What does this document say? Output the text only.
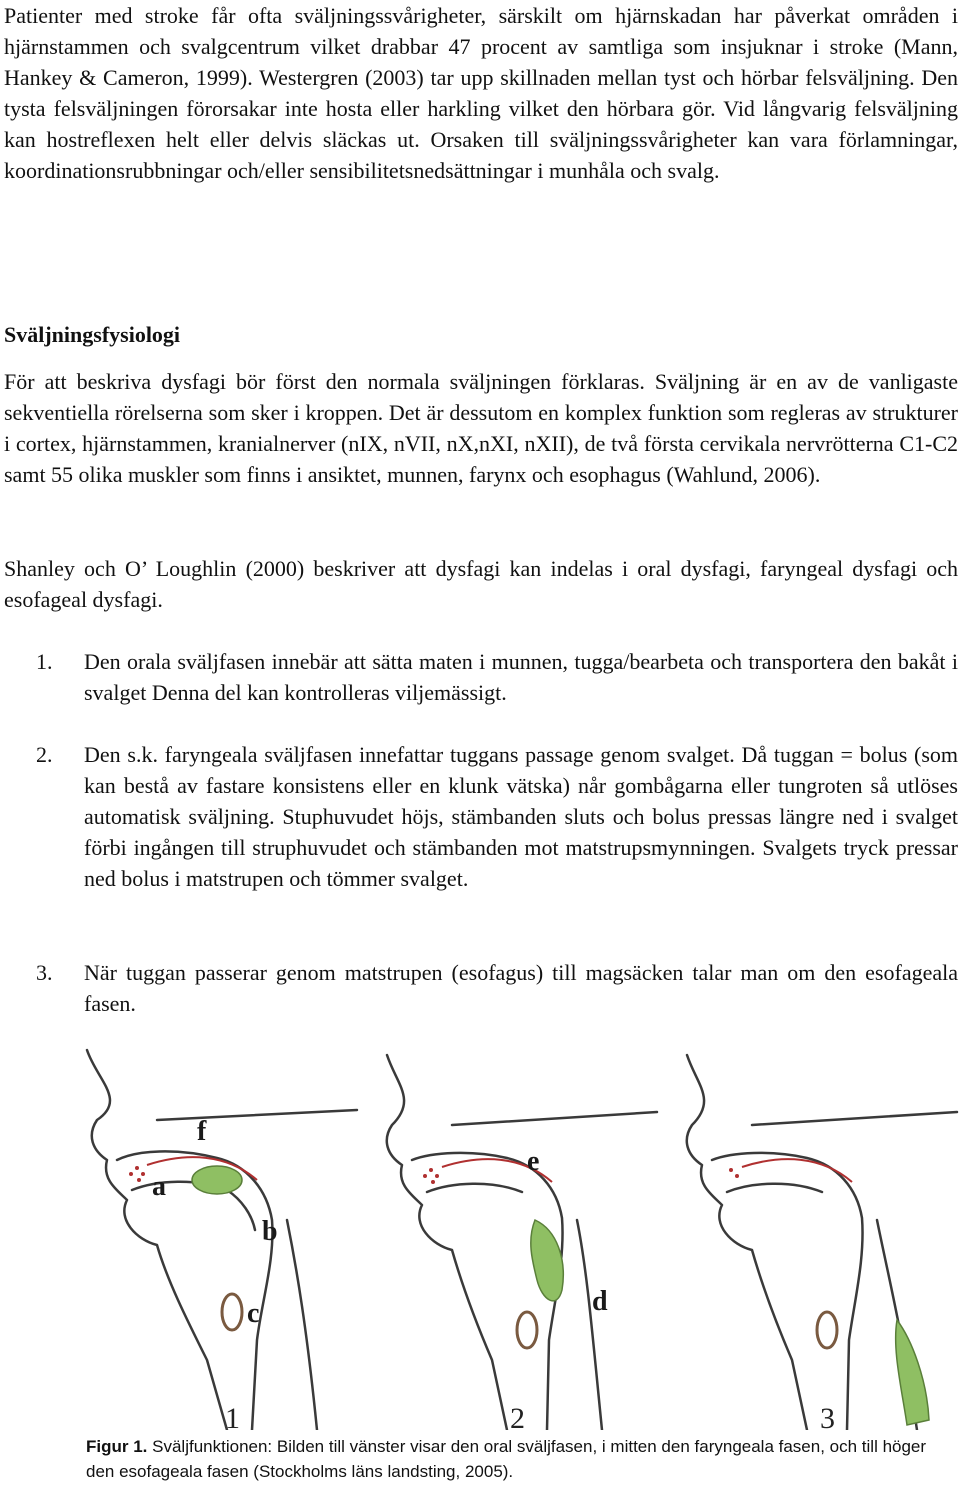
Patienter med stroke får ofta sväljningssvårigheter, särskilt om hjärnskadan har påverkat områden i hjärnstammen och svalgcentrum vilket drabbar 47 procent av samtliga som insjuknar i stroke (Mann, Hankey & Cameron, 1999). Westergren (2003) tar upp skillnaden mellan tyst och hörbar felsväljning. Den tysta felsväljningen förorsakar inte hosta eller harkling vilket den hörbara gör. Vid långvarig felsväljning kan hostreflexen helt eller delvis släckas ut. Orsaken till sväljningssvårigheter kan vara förlamningar, koordinationsrubbningar och/eller sensibilitetsnedsättningar i munhåla och svalg.

Sväljningsfysiologi

För att beskriva dysfagi bör först den normala sväljningen förklaras. Sväljning är en av de vanligaste sekventiella rörelserna som sker i kroppen. Det är dessutom en komplex funktion som regleras av strukturer i cortex, hjärnstammen, kranialnerver (nIX, nVII, nX,nXI, nXII), de två första cervikala nervrötterna C1-C2 samt 55 olika muskler som finns i ansiktet, munnen, farynx och esophagus (Wahlund, 2006).

Shanley och O’ Loughlin (2000) beskriver att dysfagi kan indelas i oral dysfagi, faryngeal dysfagi och esofageal dysfagi.

1. Den orala sväljfasen innebär att sätta maten i munnen, tugga/bearbeta och transportera den bakåt i svalget Denna del kan kontrolleras viljemässigt.

2. Den s.k. faryngeala sväljfasen innefattar tuggans passage genom svalget. Då tuggan = bolus (som kan bestå av fastare konsistens eller en klunk vätska) når gombågarna eller tungroten så utlöses automatisk sväljning. Stuphuvudet höjs, stämbanden sluts och bolus pressas längre ned i svalget förbi ingången till struphuvudet och stämbanden mot matstrupsmynningen. Svalgets tryck pressar ned bolus i matstrupen och tömmer svalget.

3. När tuggan passerar genom matstrupen (esofagus) till magsäcken talar man om den esofageala fasen.

f
a
b
c
e
d
1	2	3
Figur 1. Sväljfunktionen: Bilden till vänster visar den oral sväljfasen, i mitten den faryngeala fasen, och till höger den esofageala fasen (Stockholms läns landsting, 2005).
